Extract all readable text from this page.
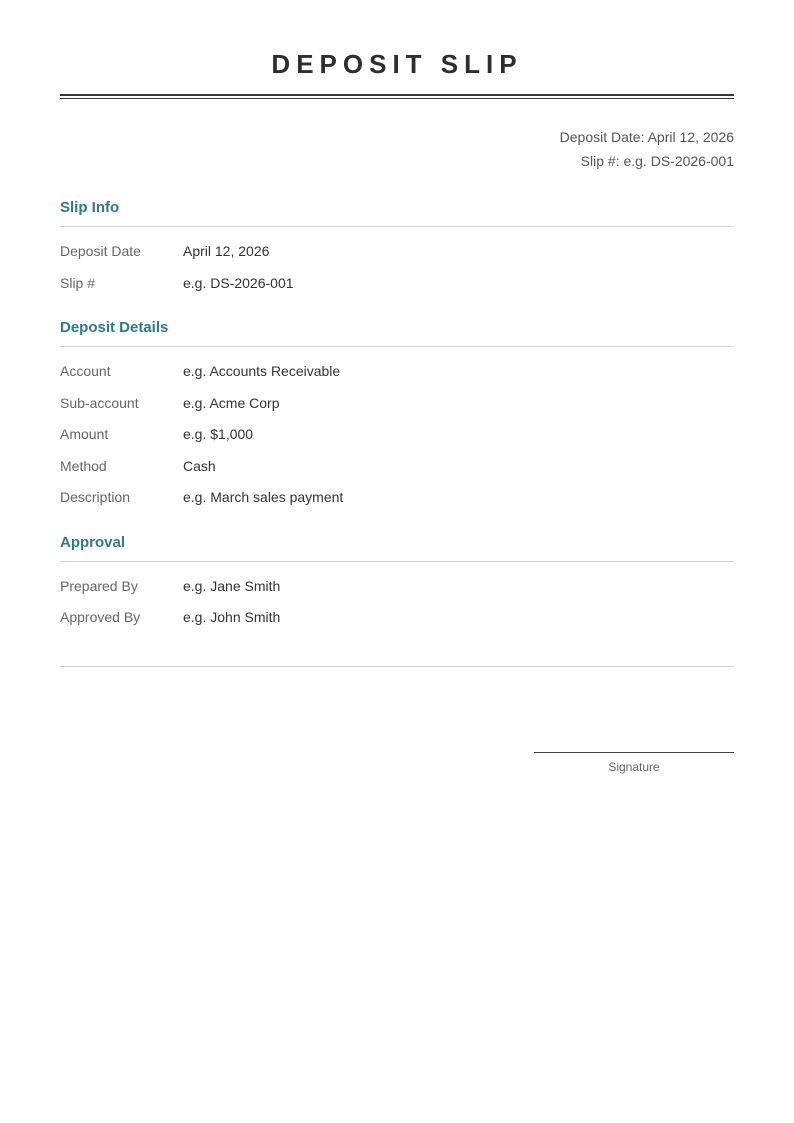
DEPOSIT SLIP
Deposit Date: April 12, 2026
Slip #: e.g. DS-2026-001
Slip Info
Deposit Date	April 12, 2026
Slip #	e.g. DS-2026-001
Deposit Details
Account	e.g. Accounts Receivable
Sub-account	e.g. Acme Corp
Amount	e.g. $1,000
Method	Cash
Description	e.g. March sales payment
Approval
Prepared By	e.g. Jane Smith
Approved By	e.g. John Smith
Signature
